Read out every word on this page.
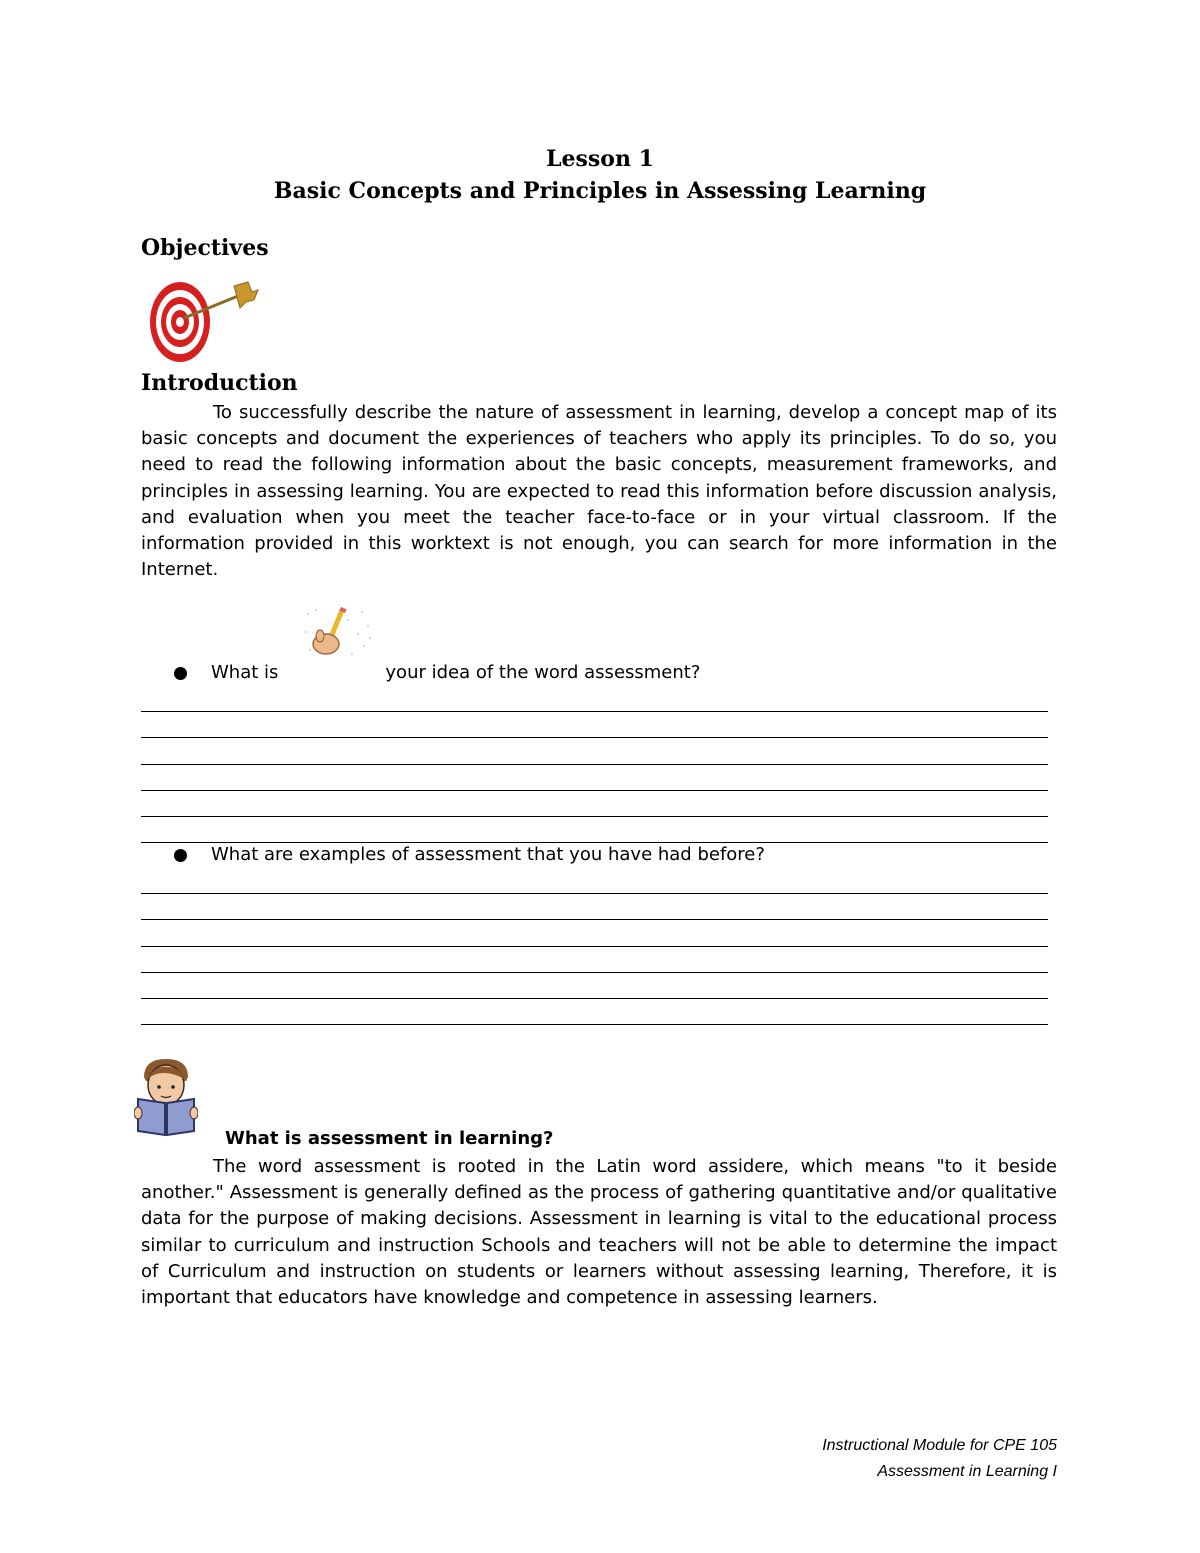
Lesson 1
Basic Concepts and Principles in Assessing Learning
Objectives
Introduction

To successfully describe the nature of assessment in learning, develop a concept map of its basic concepts and document the experiences of teachers who apply its principles. To do so, you need to read the following information about the basic concepts, measurement frameworks, and principles in assessing learning. You are expected to read this information before discussion analysis, and evaluation when you meet the teacher face-to-face or in your virtual classroom. If the information provided in this worktext is not enough, you can search for more information in the Internet.

What is	your idea of the word assessment?
What are examples of assessment that you have had before?
What is assessment in learning?

The word assessment is rooted in the Latin word assidere, which means "to it beside another." Assessment is generally defined as the process of gathering quantitative and/or qualitative data for the purpose of making decisions. Assessment in learning is vital to the educational process similar to curriculum and instruction Schools and teachers will not be able to determine the impact of Curriculum and instruction on students or learners without assessing learning, Therefore, it is important that educators have knowledge and competence in assessing learners.

Instructional Module for CPE 105
Assessment in Learning I
